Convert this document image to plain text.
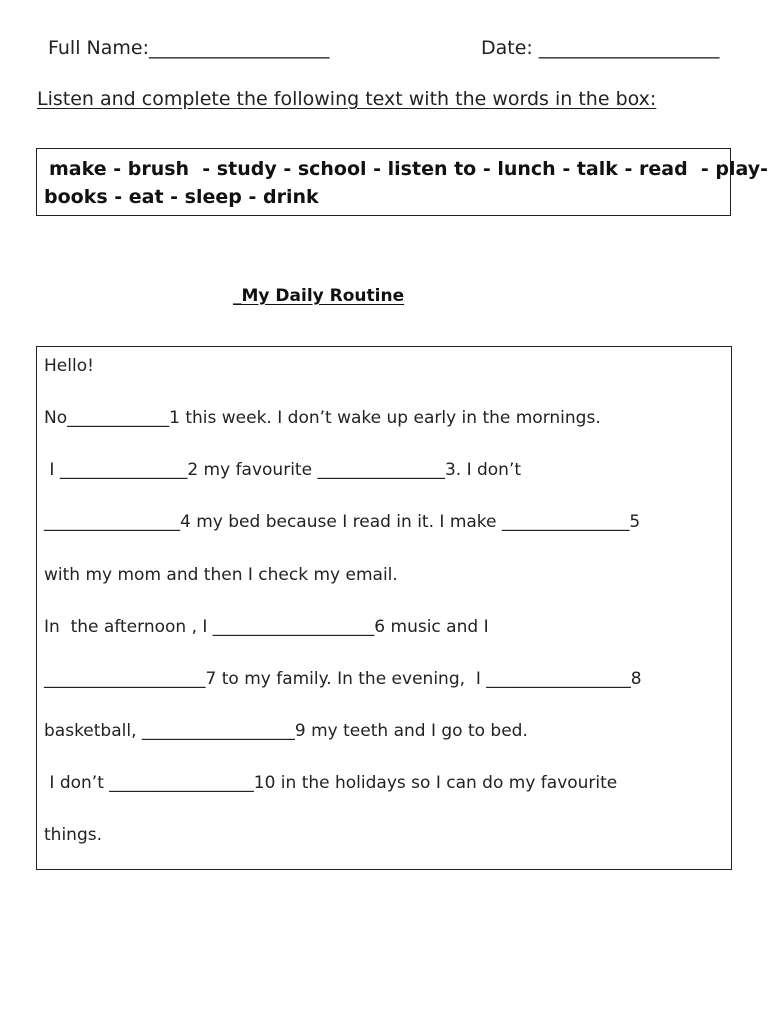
Full Name:___________________	Date: ___________________
Listen and complete the following text with the words in the box:
make - brush  - study - school - listen to - lunch - talk - read  - play-
books - eat - sleep - drink
_My Daily Routine
Hello!
No____________1 this week. I don’t wake up early in the mornings.
I _______________2 my favourite _______________3. I don’t
________________4 my bed because I read in it. I make _______________5
with my mom and then I check my email.
In  the afternoon , I ___________________6 music and I
___________________7 to my family. In the evening,  I _________________8
basketball, __________________9 my teeth and I go to bed.
I don’t _________________10 in the holidays so I can do my favourite
things.
